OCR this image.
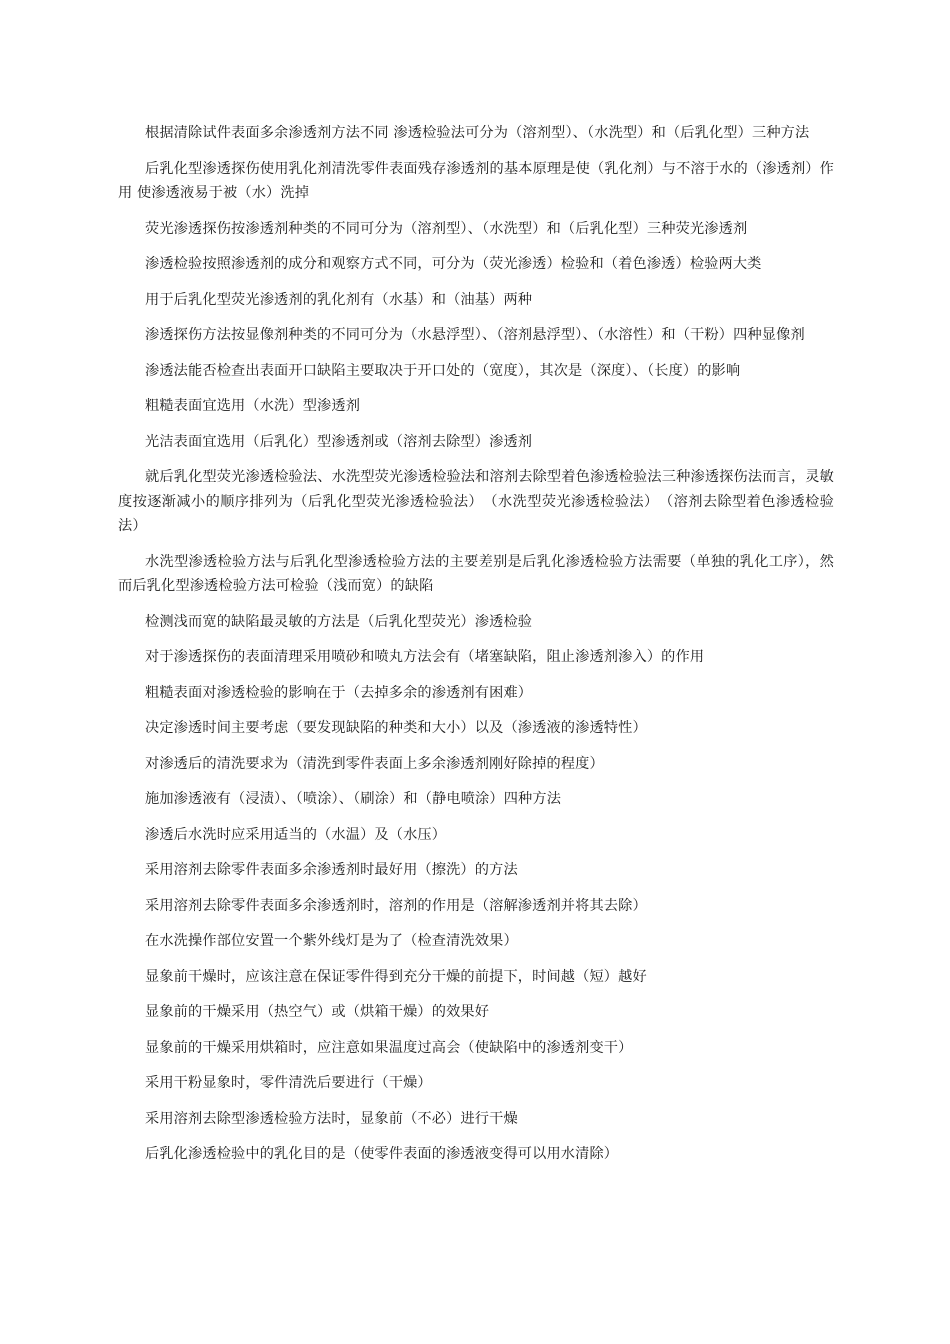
根据清除试件表面多余渗透剂方法不同 渗透检验法可分为（溶剂型）、（水洗型）和（后乳化型）三种方法

后乳化型渗透探伤使用乳化剂清洗零件表面残存渗透剂的基本原理是使（乳化剂）与不溶于水的（渗透剂）作用 使渗透液易于被（水）洗掉

荧光渗透探伤按渗透剂种类的不同可分为（溶剂型）、（水洗型）和（后乳化型）三种荧光渗透剂

渗透检验按照渗透剂的成分和观察方式不同，可分为（荧光渗透）检验和（着色渗透）检验两大类

用于后乳化型荧光渗透剂的乳化剂有（水基）和（油基）两种

渗透探伤方法按显像剂种类的不同可分为（水悬浮型）、（溶剂悬浮型）、（水溶性）和（干粉）四种显像剂

渗透法能否检查出表面开口缺陷主要取决于开口处的（宽度），其次是（深度）、（长度）的影响

粗糙表面宜选用（水洗）型渗透剂

光洁表面宜选用（后乳化）型渗透剂或（溶剂去除型）渗透剂

就后乳化型荧光渗透检验法、水洗型荧光渗透检验法和溶剂去除型着色渗透检验法三种渗透探伤法而言，灵敏度按逐渐减小的顺序排列为（后乳化型荧光渗透检验法）　（水洗型荧光渗透检验法）　（溶剂去除型着色渗透检验法）

水洗型渗透检验方法与后乳化型渗透检验方法的主要差别是后乳化渗透检验方法需要（单独的乳化工序），然而后乳化型渗透检验方法可检验（浅而宽）的缺陷

检测浅而宽的缺陷最灵敏的方法是（后乳化型荧光）渗透检验

对于渗透探伤的表面清理采用喷砂和喷丸方法会有（堵塞缺陷，阻止渗透剂渗入）的作用

粗糙表面对渗透检验的影响在于（去掉多余的渗透剂有困难）

决定渗透时间主要考虑（要发现缺陷的种类和大小）以及（渗透液的渗透特性）

对渗透后的清洗要求为（清洗到零件表面上多余渗透剂刚好除掉的程度）

施加渗透液有（浸渍）、（喷涂）、（刷涂）和（静电喷涂）四种方法

渗透后水洗时应采用适当的（水温）及（水压）

采用溶剂去除零件表面多余渗透剂时最好用（擦洗）的方法

采用溶剂去除零件表面多余渗透剂时，溶剂的作用是（溶解渗透剂并将其去除）

在水洗操作部位安置一个紫外线灯是为了（检查清洗效果）

显象前干燥时，应该注意在保证零件得到充分干燥的前提下，时间越（短）越好

显象前的干燥采用（热空气）或（烘箱干燥）的效果好

显象前的干燥采用烘箱时，应注意如果温度过高会（使缺陷中的渗透剂变干）

采用干粉显象时，零件清洗后要进行（干燥）

采用溶剂去除型渗透检验方法时，显象前（不必）进行干燥

后乳化渗透检验中的乳化目的是（使零件表面的渗透液变得可以用水清除）
